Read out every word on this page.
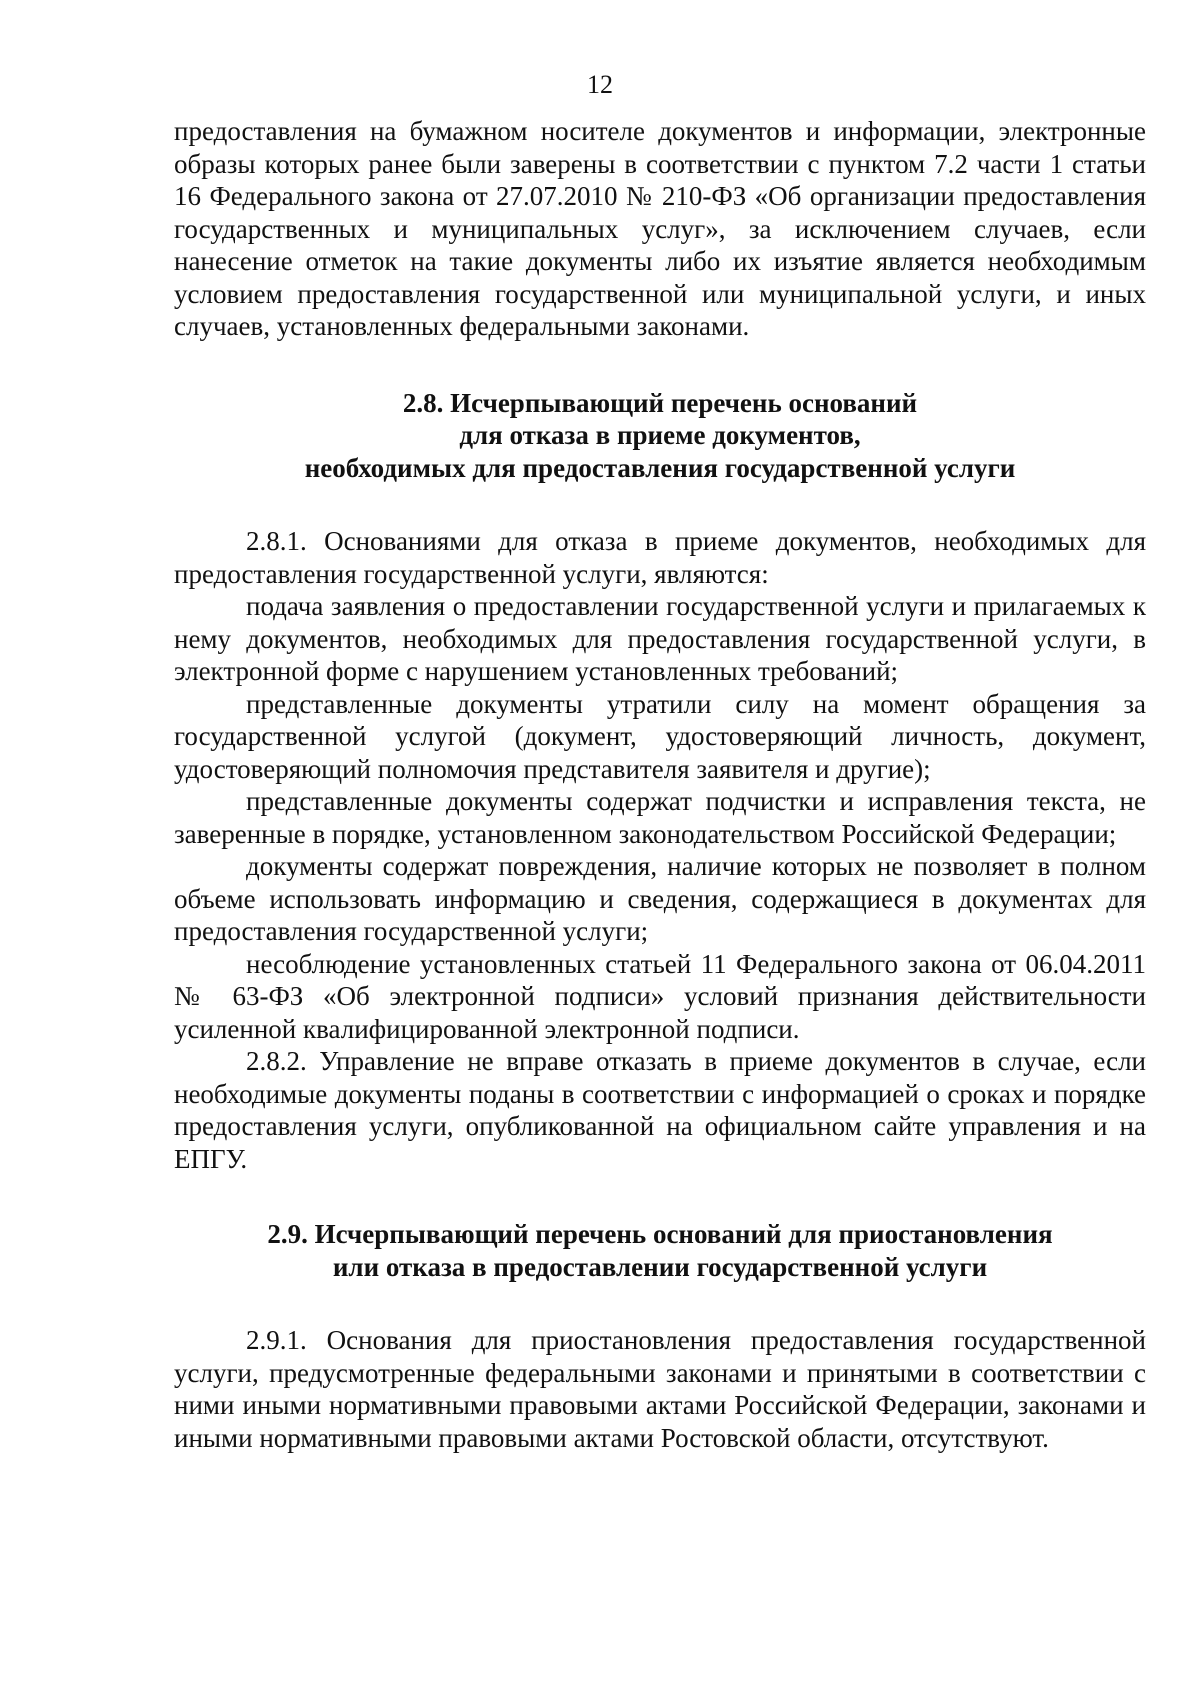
12

предоставления на бумажном носителе документов и информации, электронные образы которых ранее были заверены в соответствии с пунктом 7.2 части 1 статьи 16 Федерального закона от 27.07.2010 № 210-ФЗ «Об организации предоставления государственных и муниципальных услуг», за исключением случаев, если нанесение отметок на такие документы либо их изъятие является необходимым условием предоставления государственной или муниципальной услуги, и иных случаев, установленных федеральными законами.

2.8. Исчерпывающий перечень оснований
для отказа в приеме документов,
необходимых для предоставления государственной услуги

2.8.1. Основаниями для отказа в приеме документов, необходимых для предоставления государственной услуги, являются:

подача заявления о предоставлении государственной услуги и прилагаемых к нему документов, необходимых для предоставления государственной услуги, в электронной форме с нарушением установленных требований;

представленные документы утратили силу на момент обращения за государственной услугой (документ, удостоверяющий личность, документ, удостоверяющий полномочия представителя заявителя и другие);

представленные документы содержат подчистки и исправления текста, не заверенные в порядке, установленном законодательством Российской Федерации;

документы содержат повреждения, наличие которых не позволяет в полном объеме использовать информацию и сведения, содержащиеся в документах для предоставления государственной услуги;

несоблюдение установленных статьей 11 Федерального закона от 06.04.2011 № 63-ФЗ «Об электронной подписи» условий признания действительности усиленной квалифицированной электронной подписи.

2.8.2. Управление не вправе отказать в приеме документов в случае, если необходимые документы поданы в соответствии с информацией о сроках и порядке предоставления услуги, опубликованной на официальном сайте управления и на ЕПГУ.

2.9. Исчерпывающий перечень оснований для приостановления
или отказа в предоставлении государственной услуги

2.9.1. Основания для приостановления предоставления государственной услуги, предусмотренные федеральными законами и принятыми в соответствии с ними иными нормативными правовыми актами Российской Федерации, законами и иными нормативными правовыми актами Ростовской области, отсутствуют.
